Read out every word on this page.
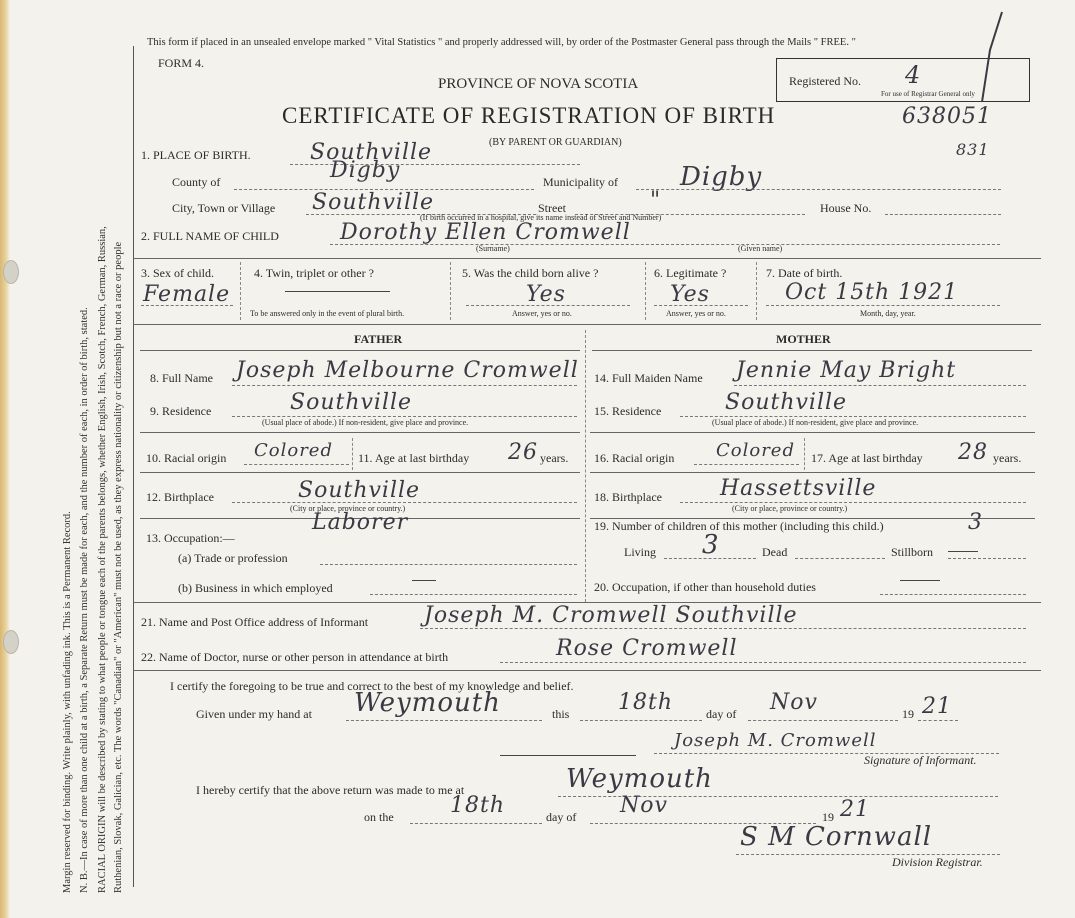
Margin reserved for binding. Write plainly, with unfading ink. This is a Permanent Record. N. B.—In case of more than one child at a birth, a Separate Return must be made for each, and the number of each, in order of birth, stated. RACIAL ORIGIN will be described by stating to what people or tongue each of the parents belongs, whether English, Irish, Scotch, French, German, Russian, Ruthenian, Slovak, Galician, etc. The words "Canadian" or "American" must not be used, as they express nationality or citizenship but not a race or people
This form if placed in an unsealed envelope marked " Vital Statistics " and properly addressed will, by order of the Postmaster General pass through the Mails " FREE. "
FORM 4.
PROVINCE OF NOVA SCOTIA
CERTIFICATE OF REGISTRATION OF BIRTH
(BY PARENT OR GUARDIAN)
Registered No. 4
For use of Registrar General only
638051
831
1. PLACE OF BIRTH.	Southville
County of	Digby	Municipality of Digby
City, Town or Village Southville	Street	"	House No.
(If birth occurred in a hospital, give its name instead of Street and Number)
2. FULL NAME OF CHILD	Dorothy Ellen Cromwell
(Surname)	(Given name)
3. Sex of child.
Female
4. Twin, triplet or other ?
To be answered only in the event of plural birth.
5. Was the child born alive ?
Yes
Answer, yes or no.
6. Legitimate ?
Yes
Answer, yes or no.
7. Date of birth.
Oct 15th 1921
Month, day, year.
FATHER	MOTHER
8. Full Name Joseph Melbourne Cromwell
9. Residence	Southville
(Usual place of abode.) If non-resident, give place and province.
10. Racial origin Colored 11. Age at last birthday 26 years.
12. Birthplace	Southville
(City or place, province or country.)
13. Occupation:—
Laborer
(a) Trade or profession
(b) Business in which employed
14. Full Maiden Name Jennie May Bright
15. Residence	Southville
(Usual place of abode.) If non-resident, give place and province.
16. Racial origin Colored 17. Age at last birthday 28 years.
18. Birthplace	Hassettsville
(City or place, province or country.)
19. Number of children of this mother (including this child.)	3
Living 3	Dead	Stillborn
20. Occupation, if other than household duties
21. Name and Post Office address of Informant	Joseph M. Cromwell Southville
22. Name of Doctor, nurse or other person in attendance at birth	Rose Cromwell
I certify the foregoing to be true and correct to the best of my knowledge and belief.
Given under my hand at Weymouth	this 18th	day of Nov	19 21
Joseph M. Cromwell
Signature of Informant.
I hereby certify that the above return was made to me at	Weymouth
on the	18th	day of Nov	19 21
S M Cornwall
Division Registrar.
